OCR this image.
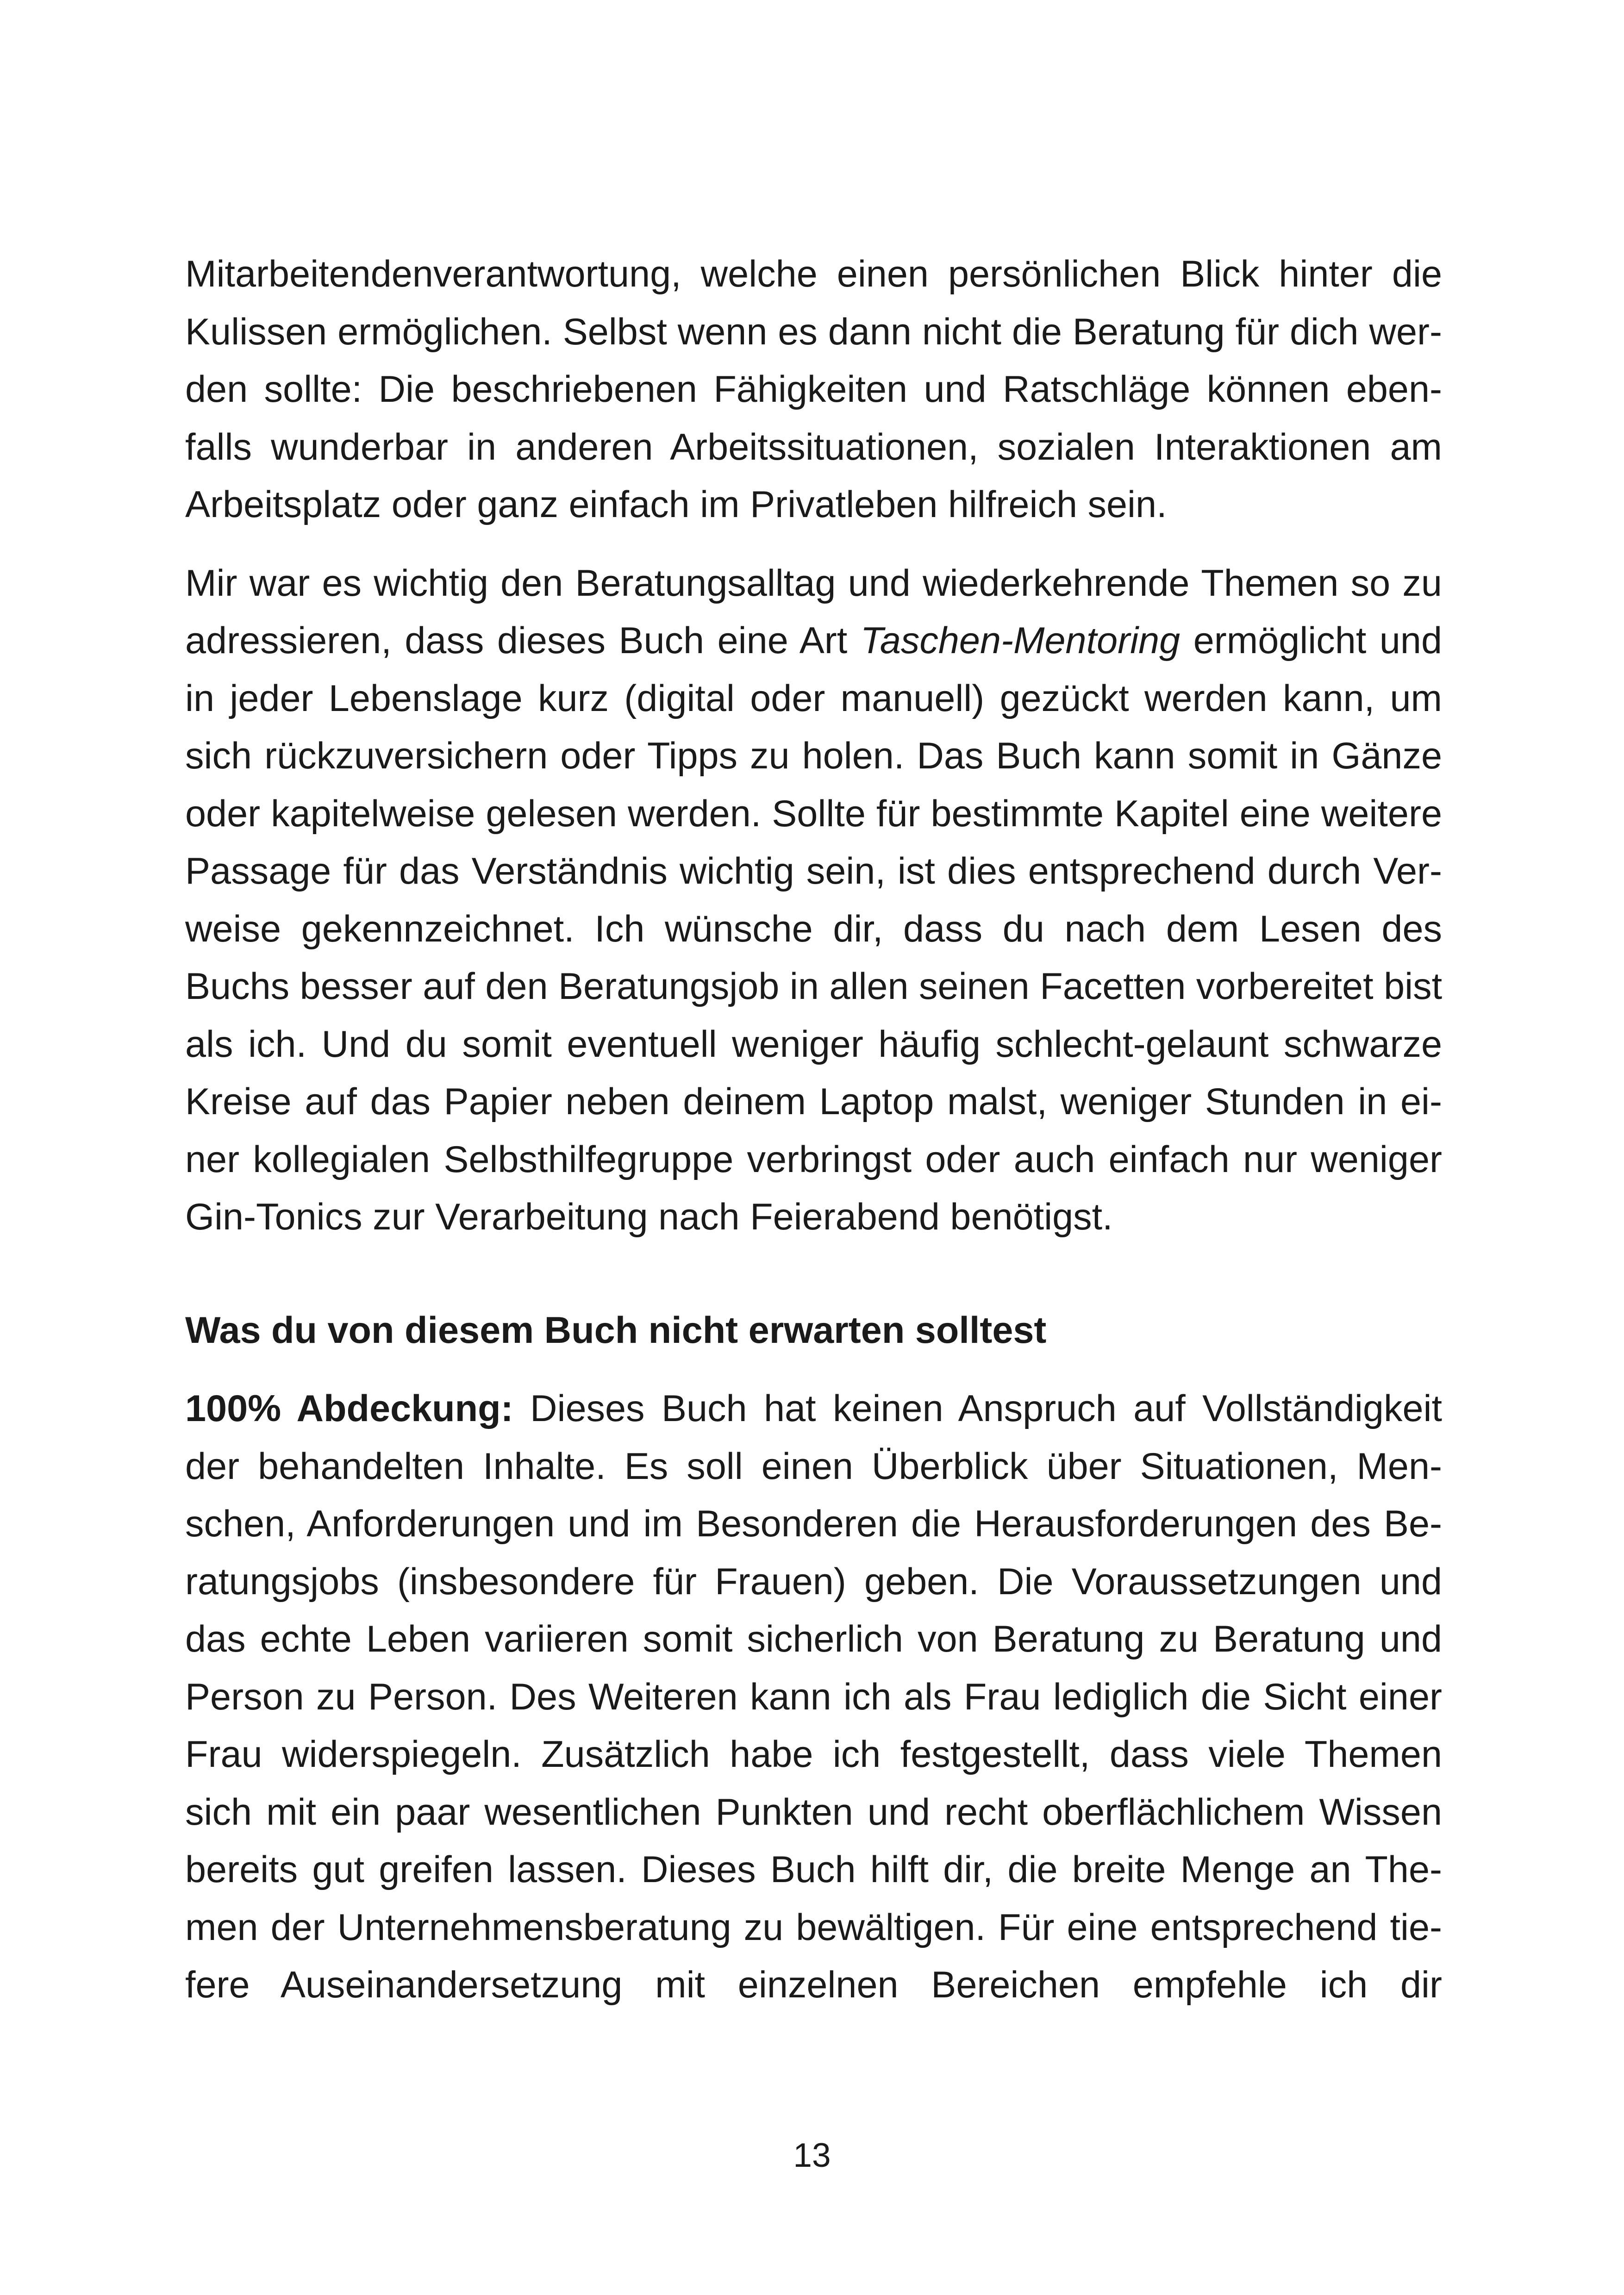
Mitarbeitendenverantwortung, welche einen persönlichen Blick hinter die
Kulissen ermöglichen. Selbst wenn es dann nicht die Beratung für dich wer-
den sollte: Die beschriebenen Fähigkeiten und Ratschläge können eben-
falls wunderbar in anderen Arbeitssituationen, sozialen Interaktionen am
Arbeitsplatz oder ganz einfach im Privatleben hilfreich sein.
Mir war es wichtig den Beratungsalltag und wiederkehrende Themen so zu
adressieren, dass dieses Buch eine Art Taschen-Mentoring ermöglicht und
in jeder Lebenslage kurz (digital oder manuell) gezückt werden kann, um
sich rückzuversichern oder Tipps zu holen. Das Buch kann somit in Gänze
oder kapitelweise gelesen werden. Sollte für bestimmte Kapitel eine weitere
Passage für das Verständnis wichtig sein, ist dies entsprechend durch Ver-
weise gekennzeichnet. Ich wünsche dir, dass du nach dem Lesen des
Buchs besser auf den Beratungsjob in allen seinen Facetten vorbereitet bist
als ich. Und du somit eventuell weniger häufig schlecht-gelaunt schwarze
Kreise auf das Papier neben deinem Laptop malst, weniger Stunden in ei-
ner kollegialen Selbsthilfegruppe verbringst oder auch einfach nur weniger
Gin-Tonics zur Verarbeitung nach Feierabend benötigst.
Was du von diesem Buch nicht erwarten solltest
100% Abdeckung: Dieses Buch hat keinen Anspruch auf Vollständigkeit
der behandelten Inhalte. Es soll einen Überblick über Situationen, Men-
schen, Anforderungen und im Besonderen die Herausforderungen des Be-
ratungsjobs (insbesondere für Frauen) geben. Die Voraussetzungen und
das echte Leben variieren somit sicherlich von Beratung zu Beratung und
Person zu Person. Des Weiteren kann ich als Frau lediglich die Sicht einer
Frau widerspiegeln. Zusätzlich habe ich festgestellt, dass viele Themen
sich mit ein paar wesentlichen Punkten und recht oberflächlichem Wissen
bereits gut greifen lassen. Dieses Buch hilft dir, die breite Menge an The-
men der Unternehmensberatung zu bewältigen. Für eine entsprechend tie-
fere Auseinandersetzung mit einzelnen Bereichen empfehle ich dir
13
